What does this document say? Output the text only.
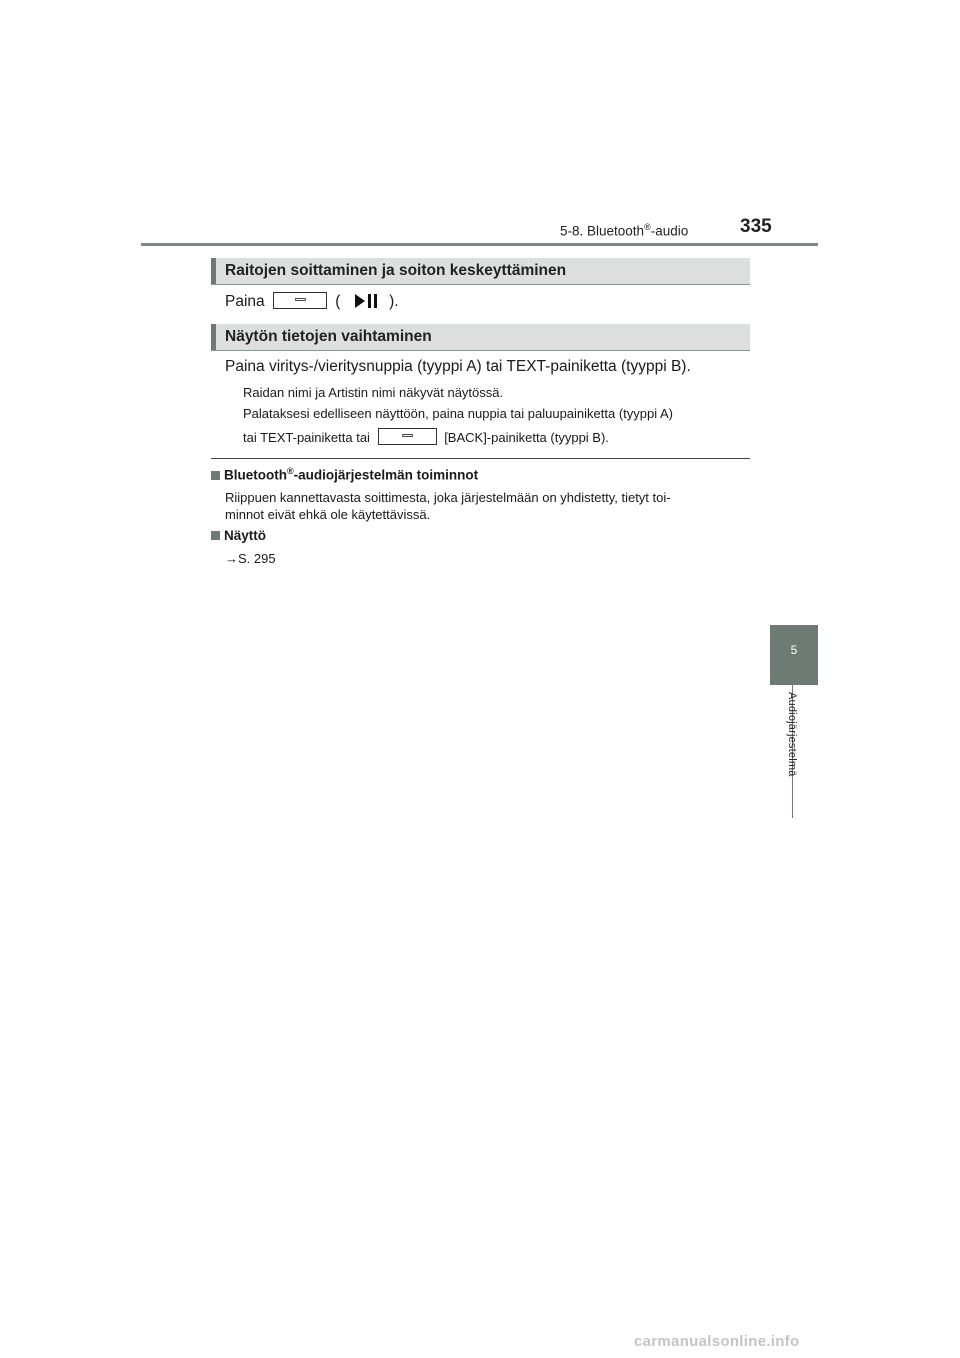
5-8. Bluetooth®-audio	335
5
Audiojärjestelmä
Raitojen soittaminen ja soiton keskeyttäminen
Paina	(	).
Näytön tietojen vaihtaminen
Paina viritys-/vieritysnuppia (tyyppi A) tai TEXT-painiketta (tyyppi B).
Raidan nimi ja Artistin nimi näkyvät näytössä.
Palataksesi edelliseen näyttöön, paina nuppia tai paluupainiketta (tyyppi A)
tai TEXT-painiketta tai	[BACK]-painiketta (tyyppi B).
Bluetooth®-audiojärjestelmän toiminnot
Riippuen kannettavasta soittimesta, joka järjestelmään on yhdistetty, tietyt toi-
minnot eivät ehkä ole käytettävissä.
Näyttö
→S. 295
carmanualsonline.info
